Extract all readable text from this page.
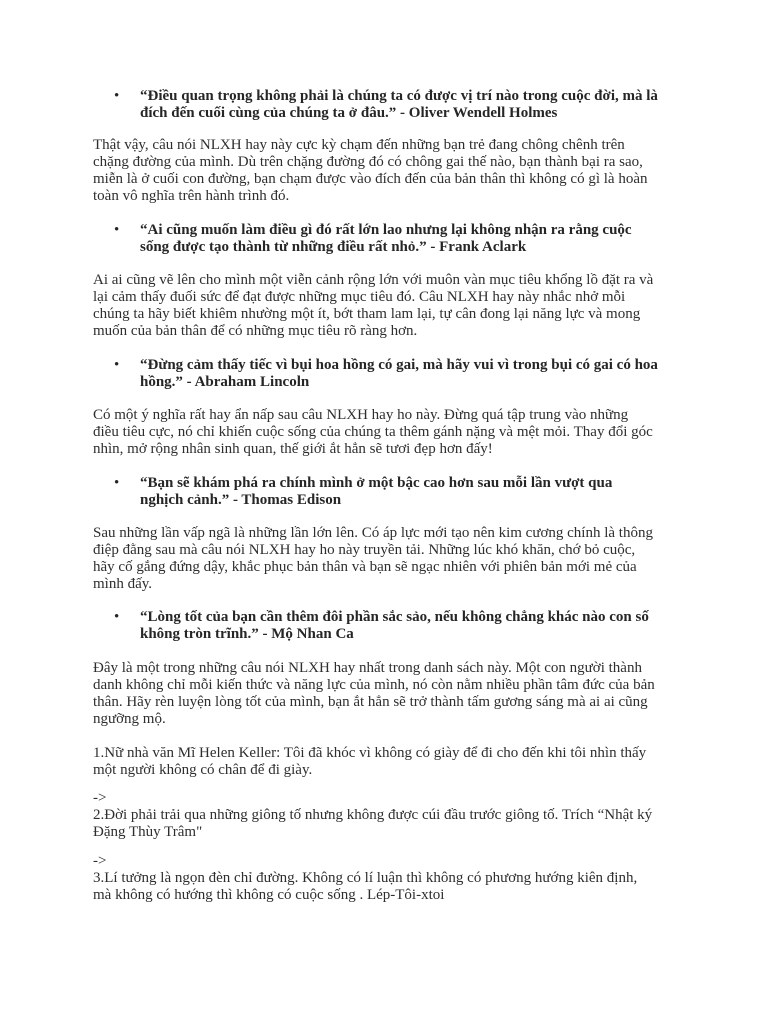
• “Điều quan trọng không phải là chúng ta có được vị trí nào trong cuộc đời, mà là
đích đến cuối cùng của chúng ta ở đâu.” - Oliver Wendell Holmes
Thật vậy, câu nói NLXH hay này cực kỳ chạm đến những bạn trẻ đang chông chênh trên
chặng đường của mình. Dù trên chặng đường đó có chông gai thế nào, bạn thành bại ra sao,
miễn là ở cuối con đường, bạn chạm được vào đích đến của bản thân thì không có gì là hoàn
toàn vô nghĩa trên hành trình đó.
• “Ai cũng muốn làm điều gì đó rất lớn lao nhưng lại không nhận ra rằng cuộc
sống được tạo thành từ những điều rất nhỏ.” - Frank Aclark
Ai ai cũng vẽ lên cho mình một viễn cảnh rộng lớn với muôn vàn mục tiêu khổng lồ đặt ra và
lại cảm thấy đuối sức để đạt được những mục tiêu đó. Câu NLXH hay này nhắc nhở mỗi
chúng ta hãy biết khiêm nhường một ít, bớt tham lam lại, tự cân đong lại năng lực và mong
muốn của bản thân để có những mục tiêu rõ ràng hơn.
• “Đừng cảm thấy tiếc vì bụi hoa hồng có gai, mà hãy vui vì trong bụi có gai có hoa
hồng.” - Abraham Lincoln
Có một ý nghĩa rất hay ẩn nấp sau câu NLXH hay ho này. Đừng quá tập trung vào những
điều tiêu cực, nó chỉ khiến cuộc sống của chúng ta thêm gánh nặng và mệt mỏi. Thay đổi góc
nhìn, mở rộng nhân sinh quan, thế giới ắt hẳn sẽ tươi đẹp hơn đấy!
• “Bạn sẽ khám phá ra chính mình ở một bậc cao hơn sau mỗi lần vượt qua
nghịch cảnh.” - Thomas Edison
Sau những lần vấp ngã là những lần lớn lên. Có áp lực mới tạo nên kim cương chính là thông
điệp đằng sau mà câu nói NLXH hay ho này truyền tải. Những lúc khó khăn, chớ bỏ cuộc,
hãy cố gắng đứng dậy, khắc phục bản thân và bạn sẽ ngạc nhiên với phiên bản mới mẻ của
mình đấy.
• “Lòng tốt của bạn cần thêm đôi phần sắc sảo, nếu không chẳng khác nào con số
không tròn trĩnh.” - Mộ Nhan Ca
Đây là một trong những câu nói NLXH hay nhất trong danh sách này. Một con người thành
danh không chỉ mỗi kiến thức và năng lực của mình, nó còn nằm nhiều phần tâm đức của bản
thân. Hãy rèn luyện lòng tốt của mình, bạn ắt hẳn sẽ trở thành tấm gương sáng mà ai ai cũng
ngưỡng mộ.
1.Nữ nhà văn Mĩ Helen Keller: Tôi đã khóc vì không có giày để đi cho đến khi tôi nhìn thấy
một người không có chân để đi giày.
->
2.Đời phải trải qua những giông tố nhưng không được cúi đầu trước giông tố. Trích “Nhật ký
Đặng Thùy Trâm"
->
3.Lí tưởng là ngọn đèn chỉ đường. Không có lí luận thì không có phương hướng kiên định,
mà không có hướng thì không có cuộc sống . Lép-Tôi-xtoi
